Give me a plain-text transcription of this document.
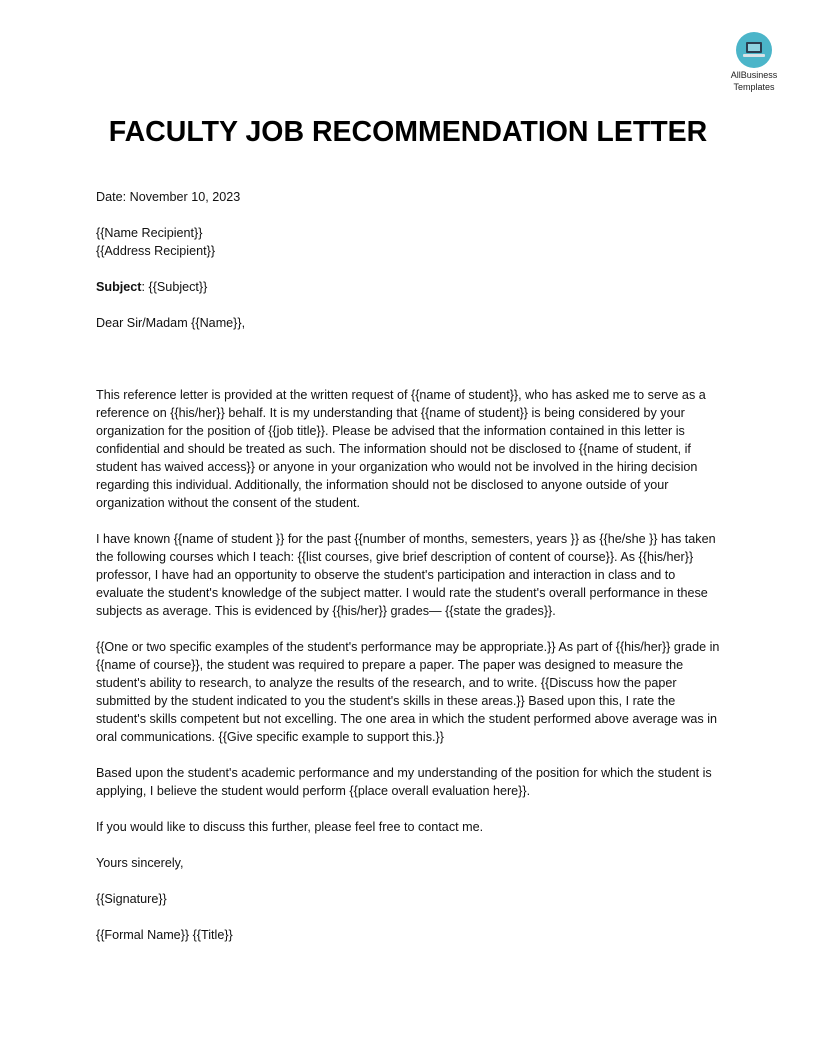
AllBusiness
Templates
FACULTY JOB RECOMMENDATION LETTER

Date: November 10, 2023

{{Name Recipient}}

{{Address Recipient}}

Subject: {{Subject}}

Dear Sir/Madam {{Name}},

This reference letter is provided at the written request of {{name of student}}, who has asked me to serve as a reference on {{his/her}} behalf. It is my understanding that {{name of student}} is being considered by your organization for the position of {{job title}}. Please be advised that the information contained in this letter is confidential and should be treated as such. The information should not be disclosed to {{name of student, if student has waived access}} or anyone in your organization who would not be involved in the hiring decision regarding this individual. Additionally, the information should not be disclosed to anyone outside of your organization without the consent of the student.

I have known {{name of student }} for the past {{number of months, semesters, years }} as {{he/she }} has taken the following courses which I teach: {{list courses, give brief description of content of course}}. As {{his/her}} professor, I have had an opportunity to observe the student's participation and interaction in class and to evaluate the student's knowledge of the subject matter. I would rate the student's overall performance in these subjects as average. This is evidenced by {{his/her}} grades— {{state the grades}}.

{{One or two specific examples of the student's performance may be appropriate.}} As part of {{his/her}} grade in {{name of course}}, the student was required to prepare a paper. The paper was designed to measure the student's ability to research, to analyze the results of the research, and to write. {{Discuss how the paper submitted by the student indicated to you the student's skills in these areas.}} Based upon this, I rate the student's skills competent but not excelling. The one area in which the student performed above average was in oral communications. {{Give specific example to support this.}}

Based upon the student's academic performance and my understanding of the position for which the student is applying, I believe the student would perform {{place overall evaluation here}}.

If you would like to discuss this further, please feel free to contact me.

Yours sincerely,

{{Signature}}

{{Formal Name}} {{Title}}
